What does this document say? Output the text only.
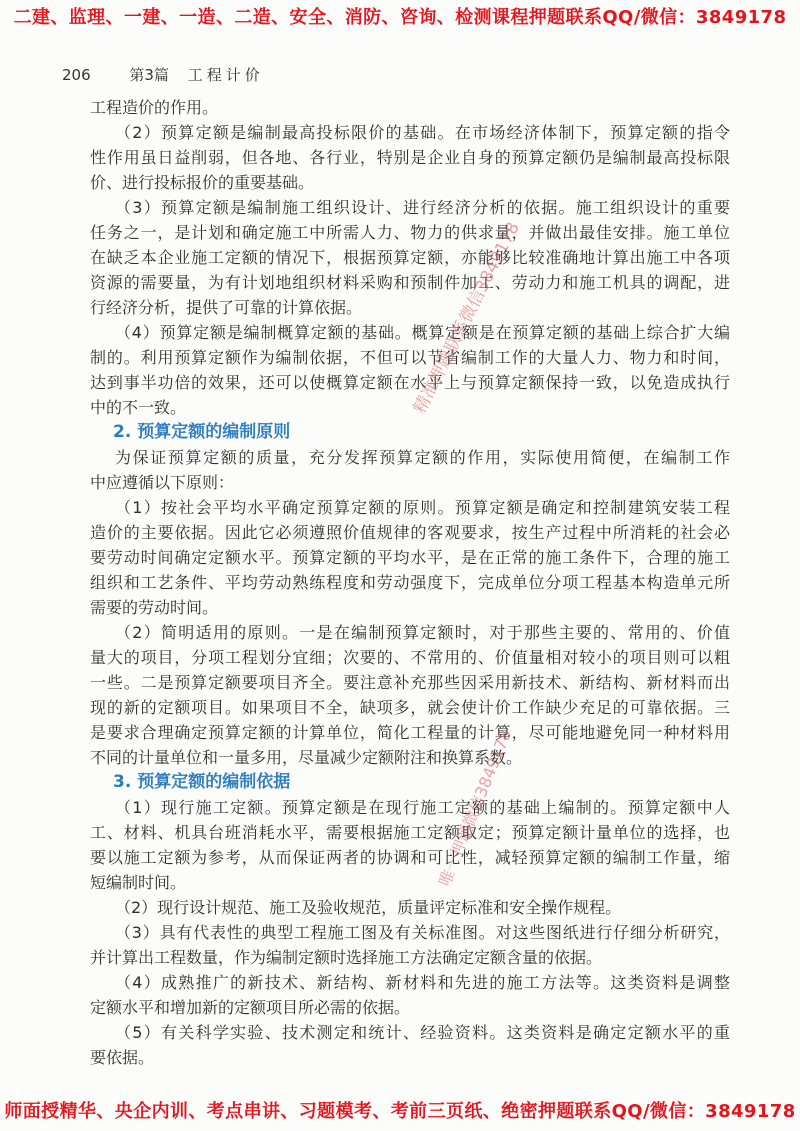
二建、监理、一建、一造、二造、安全、消防、咨询、检测课程押题联系QQ/微信：3849178
206	第3篇 工程计价
工程造价的作用。
（2）预算定额是编制最高投标限价的基础。在市场经济体制下，预算定额的指令
性作用虽日益削弱，但各地、各行业，特别是企业自身的预算定额仍是编制最高投标限
价、进行投标报价的重要基础。
（3）预算定额是编制施工组织设计、进行经济分析的依据。施工组织设计的重要
任务之一，是计划和确定施工中所需人力、物力的供求量，并做出最佳安排。施工单位
在缺乏本企业施工定额的情况下，根据预算定额，亦能够比较准确地计算出施工中各项
资源的需要量，为有计划地组织材料采购和预制件加工、劳动力和施工机具的调配，进
行经济分析，提供了可靠的计算依据。
（4）预算定额是编制概算定额的基础。概算定额是在预算定额的基础上综合扩大编
制的。利用预算定额作为编制依据，不但可以节省编制工作的大量人力、物力和时间，
达到事半功倍的效果，还可以使概算定额在水平上与预算定额保持一致，以免造成执行
中的不一致。
2. 预算定额的编制原则
为保证预算定额的质量，充分发挥预算定额的作用，实际使用简便，在编制工作
中应遵循以下原则：
（1）按社会平均水平确定预算定额的原则。预算定额是确定和控制建筑安装工程
造价的主要依据。因此它必须遵照价值规律的客观要求，按生产过程中所消耗的社会必
要劳动时间确定定额水平。预算定额的平均水平，是在正常的施工条件下，合理的施工
组织和工艺条件、平均劳动熟练程度和劳动强度下，完成单位分项工程基本构造单元所
需要的劳动时间。
（2）简明适用的原则。一是在编制预算定额时，对于那些主要的、常用的、价值
量大的项目，分项工程划分宜细；次要的、不常用的、价值量相对较小的项目则可以粗
一些。二是预算定额要项目齐全。要注意补充那些因采用新技术、新结构、新材料而出
现的新的定额项目。如果项目不全，缺项多，就会使计价工作缺少充足的可靠依据。三
是要求合理确定预算定额的计算单位，简化工程量的计算，尽可能地避免同一种材料用
不同的计量单位和一量多用，尽量减少定额附注和换算系数。
3. 预算定额的编制依据
（1）现行施工定额。预算定额是在现行施工定额的基础上编制的。预算定额中人
工、材料、机具台班消耗水平，需要根据施工定额取定；预算定额计量单位的选择，也
要以施工定额为参考，从而保证两者的协调和可比性，减轻预算定额的编制工作量，缩
短编制时间。
（2）现行设计规范、施工及验收规范，质量评定标准和安全操作规程。
（3）具有代表性的典型工程施工图及有关标准图。对这些图纸进行仔细分析研究，
并计算出工程数量，作为编制定额时选择施工方法确定定额含量的依据。
（4）成熟推广的新技术、新结构、新材料和先进的施工方法等。这类资料是调整
定额水平和增加新的定额项目所必需的依据。
（5）有关科学实验、技术测定和统计、经验资料。这类资料是确定定额水平的重
要依据。
精准押题联系微信3849178
唯一押题微信3849178
师面授精华、央企内训、考点串讲、习题模考、考前三页纸、绝密押题联系QQ/微信：3849178
